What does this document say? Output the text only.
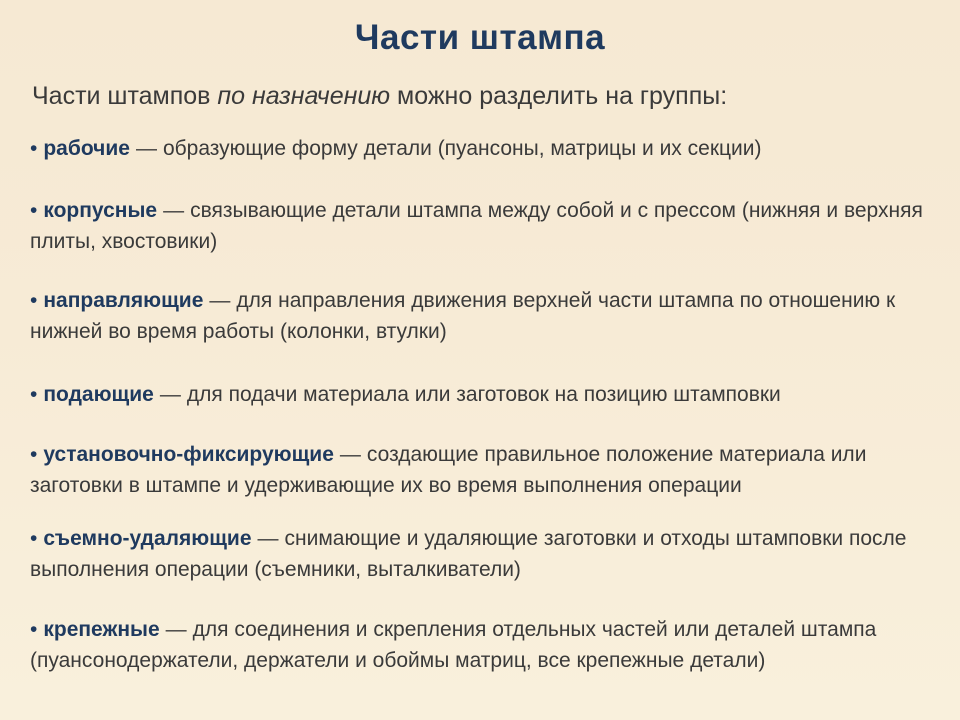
Части штампа
Части штампов по назначению можно разделить на группы:
• рабочие — образующие форму детали (пуансоны, матрицы и их секции)
• корпусные — связывающие детали штампа между собой и с прессом (нижняя и верхняя плиты, хвостовики)
• направляющие — для направления движения верхней части штампа по отношению к нижней во время работы (колонки, втулки)
• подающие — для подачи материала или заготовок на позицию штамповки
• установочно-фиксирующие — создающие правильное положение материала или заготовки в штампе и удерживающие их во время выполнения операции
• съемно-удаляющие — снимающие и удаляющие заготовки и отходы штамповки после выполнения операции (съемники, выталкиватели)
• крепежные — для соединения и скрепления отдельных частей или деталей штампа (пуансонодержатели, держатели и обоймы матриц, все крепежные детали)
